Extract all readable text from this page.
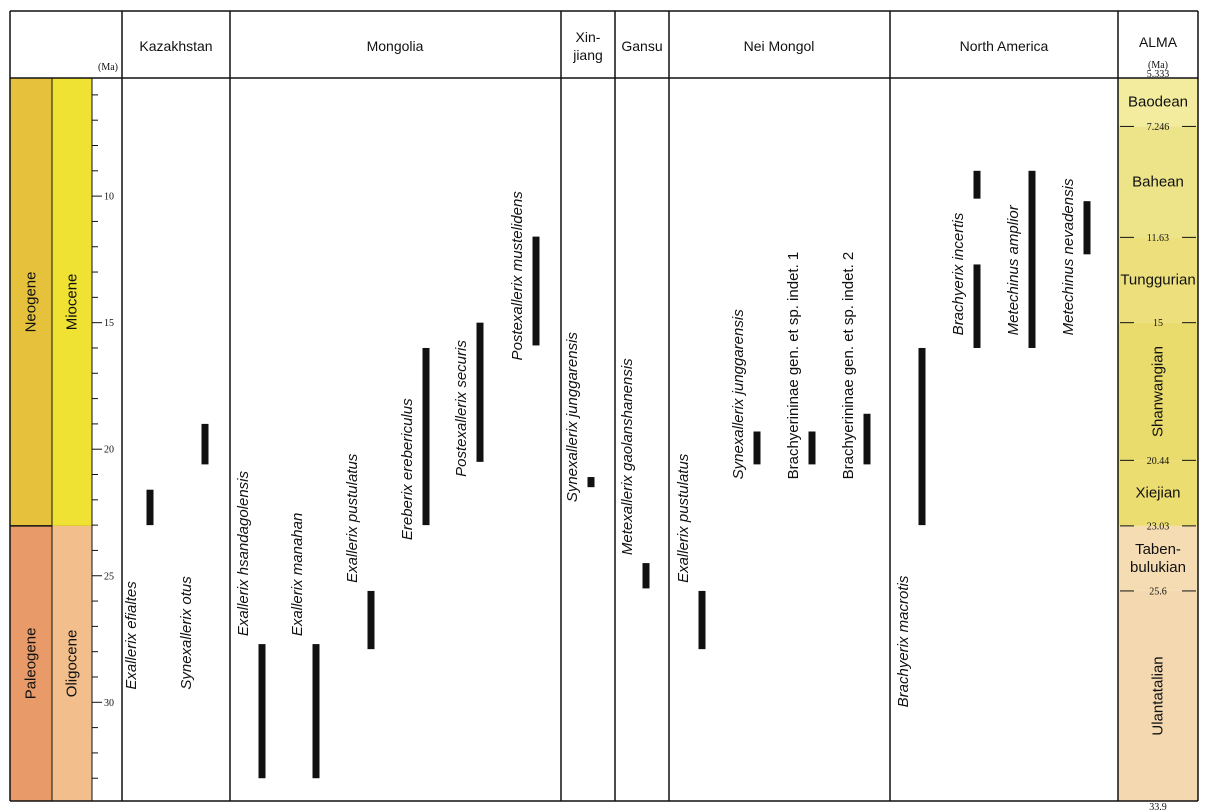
Neogene
Paleogene
Miocene
Oligocene
Baodean
Bahean
Tunggurian
Shanwangian
Xiejian
Taben-
bulukian
Ulantatalian
5.333
7.246
11.63
15
20.44
23.03
25.6
33.9
(Ma)
Kazakhstan	Mongolia
Xin-
jiang
Gansu	Nei Mongol	North America	ALMA
(Ma)
10
15
20
25
30
Exallerix efialtes	Synexallerix otus	Exallerix hsandagolensis Exallerix manahan	Exallerix pustulatus	Ereberix erebericulus Postexallerix securis
Postexallerix mustelidens
Synexallerix junggarensis	Metexallerix gaolanshanensis	Exallerix pustulatus
Synexallerix junggarensis	Brachyerininae gen. et sp. indet. 1	Brachyerininae gen. et sp. indet. 2
Brachyerix macrotis
Brachyerix incertis	Metechinus amplior	Metechinus nevadensis
